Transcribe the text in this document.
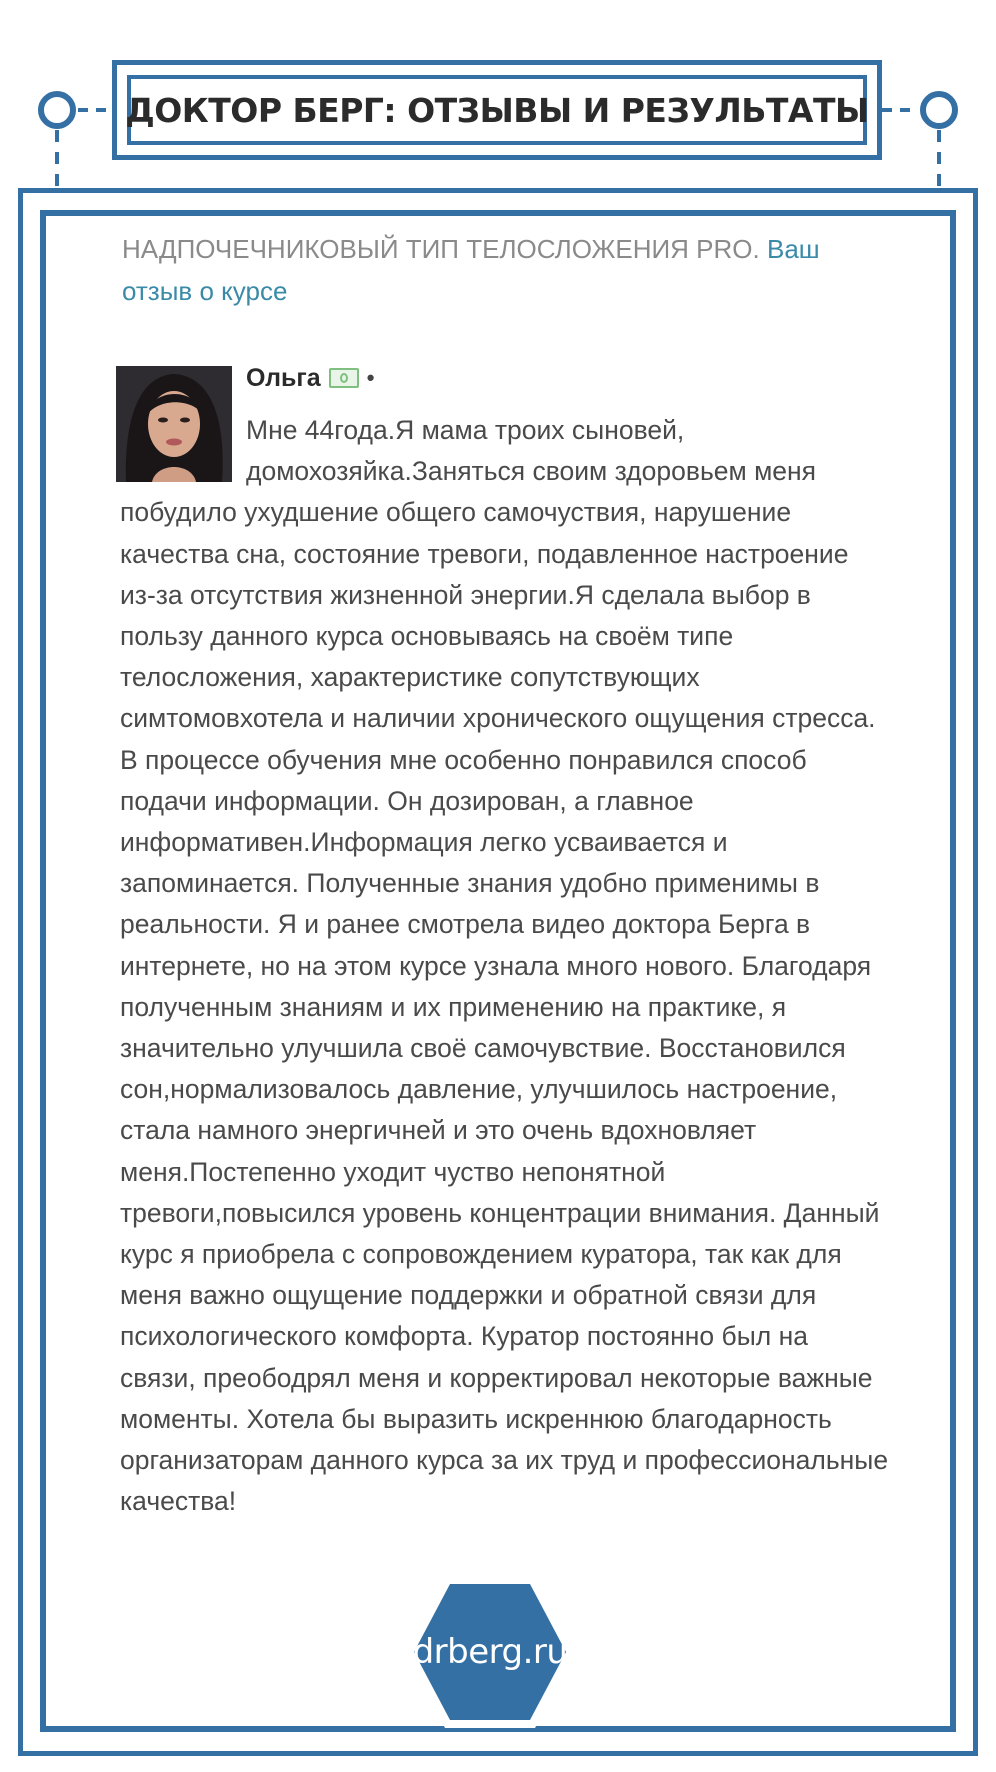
ДОКТОР БЕРГ: ОТЗЫВЫ И РЕЗУЛЬТАТЫ
НАДПОЧЕЧНИКОВЫЙ ТИП ТЕЛОСЛОЖЕНИЯ PRO. Ваш отзыв о курсе
Ольга •
Мне 44года.Я мама троих сыновей, домохозяйка.Заняться своим здоровьем меня
побудило ухудшение общего самочуствия, нарушение качества сна, состояние тревоги, подавленное настроение из-за отсутствия жизненной энергии.Я сделала выбор в пользу данного курса основываясь на своём типе телосложения, характеристике сопутствующих симтомовхотела и наличии хронического ощущения стресса. В процессе обучения мне особенно понравился способ подачи информации. Он дозирован, а главное информативен.Информация легко усваивается и запоминается. Полученные знания удобно применимы в реальности. Я и ранее смотрела видео доктора Берга в интернете, но на этом курсе узнала много нового. Благодаря полученным знаниям и их применению на практике, я значительно улучшила своё самочувствие. Восстановился сон,нормализовалось давление, улучшилось настроение, стала намного энергичней и это очень вдохновляет меня.Постепенно уходит чуство непонятной тревоги,повысился уровень концентрации внимания. Данный курс я приобрела с сопровождением куратора, так как для меня важно ощущение поддержки и обратной связи для психологического комфорта. Куратор постоянно был на связи, преободрял меня и корректировал некоторые важные моменты. Хотела бы выразить искреннюю благодарность организаторам данного курса за их труд и профессиональные качества!
drberg.ru
